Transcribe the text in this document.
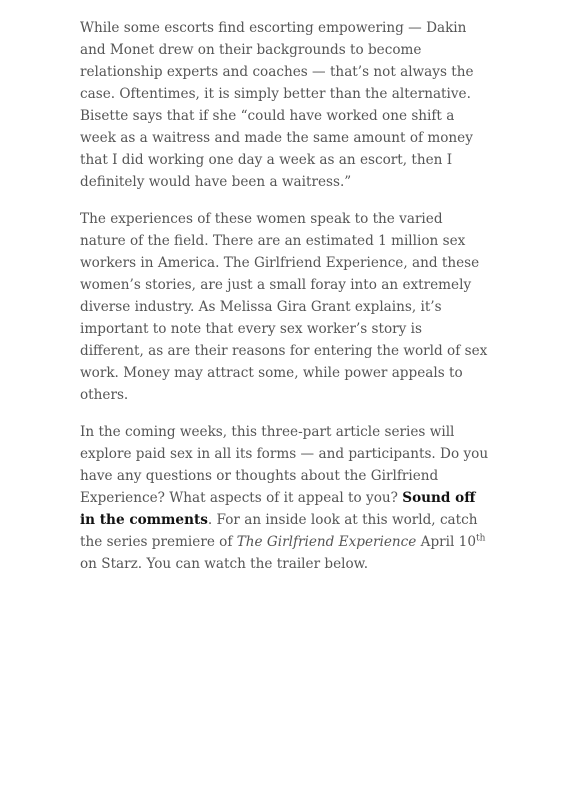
While some escorts find escorting empowering — Dakin and Monet drew on their backgrounds to become relationship experts and coaches — that’s not always the case. Oftentimes, it is simply better than the alternative. Bisette says that if she “could have worked one shift a week as a waitress and made the same amount of money that I did working one day a week as an escort, then I definitely would have been a waitress.”

The experiences of these women speak to the varied nature of the field. There are an estimated 1 million sex workers in America. The Girlfriend Experience, and these women’s stories, are just a small foray into an extremely diverse industry. As Melissa Gira Grant explains, it’s important to note that every sex worker’s story is different, as are their reasons for entering the world of sex work. Money may attract some, while power appeals to others.

In the coming weeks, this three-part article series will explore paid sex in all its forms — and participants. Do you have any questions or thoughts about the Girlfriend Experience? What aspects of it appeal to you? Sound off in the comments. For an inside look at this world, catch the series premiere of The Girlfriend Experience April 10th on Starz. You can watch the trailer below.
